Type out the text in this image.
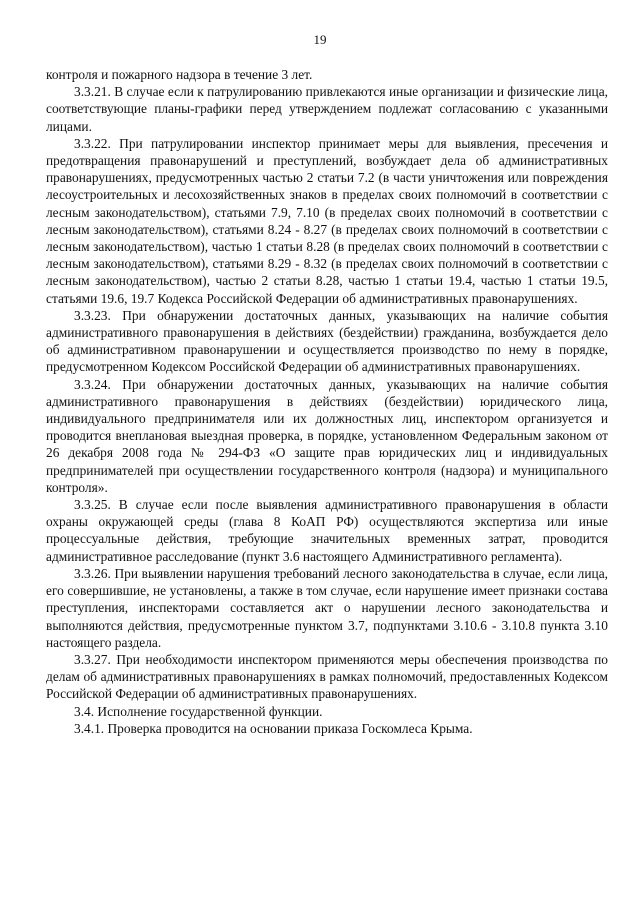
19

контроля и пожарного надзора в течение 3 лет.

3.3.21. В случае если к патрулированию привлекаются иные организации и физические лица, соответствующие планы-графики перед утверждением подлежат согласованию с указанными лицами.

3.3.22. При патрулировании инспектор принимает меры для выявления, пресечения и предотвращения правонарушений и преступлений, возбуждает дела об административных правонарушениях, предусмотренных частью 2 статьи 7.2 (в части уничтожения или повреждения лесоустроительных и лесохозяйственных знаков в пределах своих полномочий в соответствии с лесным законодательством), статьями 7.9, 7.10 (в пределах своих полномочий в соответствии с лесным законодательством), статьями 8.24 - 8.27 (в пределах своих полномочий в соответствии с лесным законодательством), частью 1 статьи 8.28 (в пределах своих полномочий в соответствии с лесным законодательством), статьями 8.29 - 8.32 (в пределах своих полномочий в соответствии с лесным законодательством), частью 2 статьи 8.28, частью 1 статьи 19.4, частью 1 статьи 19.5, статьями 19.6, 19.7 Кодекса Российской Федерации об административных правонарушениях.

3.3.23. При обнаружении достаточных данных, указывающих на наличие события административного правонарушения в действиях (бездействии) гражданина, возбуждается дело об административном правонарушении и осуществляется производство по нему в порядке, предусмотренном Кодексом Российской Федерации об административных правонарушениях.

3.3.24. При обнаружении достаточных данных, указывающих на наличие события административного правонарушения в действиях (бездействии) юридического лица, индивидуального предпринимателя или их должностных лиц, инспектором организуется и проводится внеплановая выездная проверка, в порядке, установленном Федеральным законом от 26 декабря 2008 года № 294-ФЗ «О защите прав юридических лиц и индивидуальных предпринимателей при осуществлении государственного контроля (надзора) и муниципального контроля».

3.3.25. В случае если после выявления административного правонарушения в области охраны окружающей среды (глава 8 КоАП РФ) осуществляются экспертиза или иные процессуальные действия, требующие значительных временных затрат, проводится административное расследование (пункт 3.6 настоящего Административного регламента).

3.3.26. При выявлении нарушения требований лесного законодательства в случае, если лица, его совершившие, не установлены, а также в том случае, если нарушение имеет признаки состава преступления, инспекторами составляется акт о нарушении лесного законодательства и выполняются действия, предусмотренные пунктом 3.7, подпунктами 3.10.6 - 3.10.8 пункта 3.10 настоящего раздела.

3.3.27. При необходимости инспектором применяются меры обеспечения производства по делам об административных правонарушениях в рамках полномочий, предоставленных Кодексом Российской Федерации об административных правонарушениях.

3.4. Исполнение государственной функции.

3.4.1. Проверка проводится на основании приказа Госкомлеса Крыма.
